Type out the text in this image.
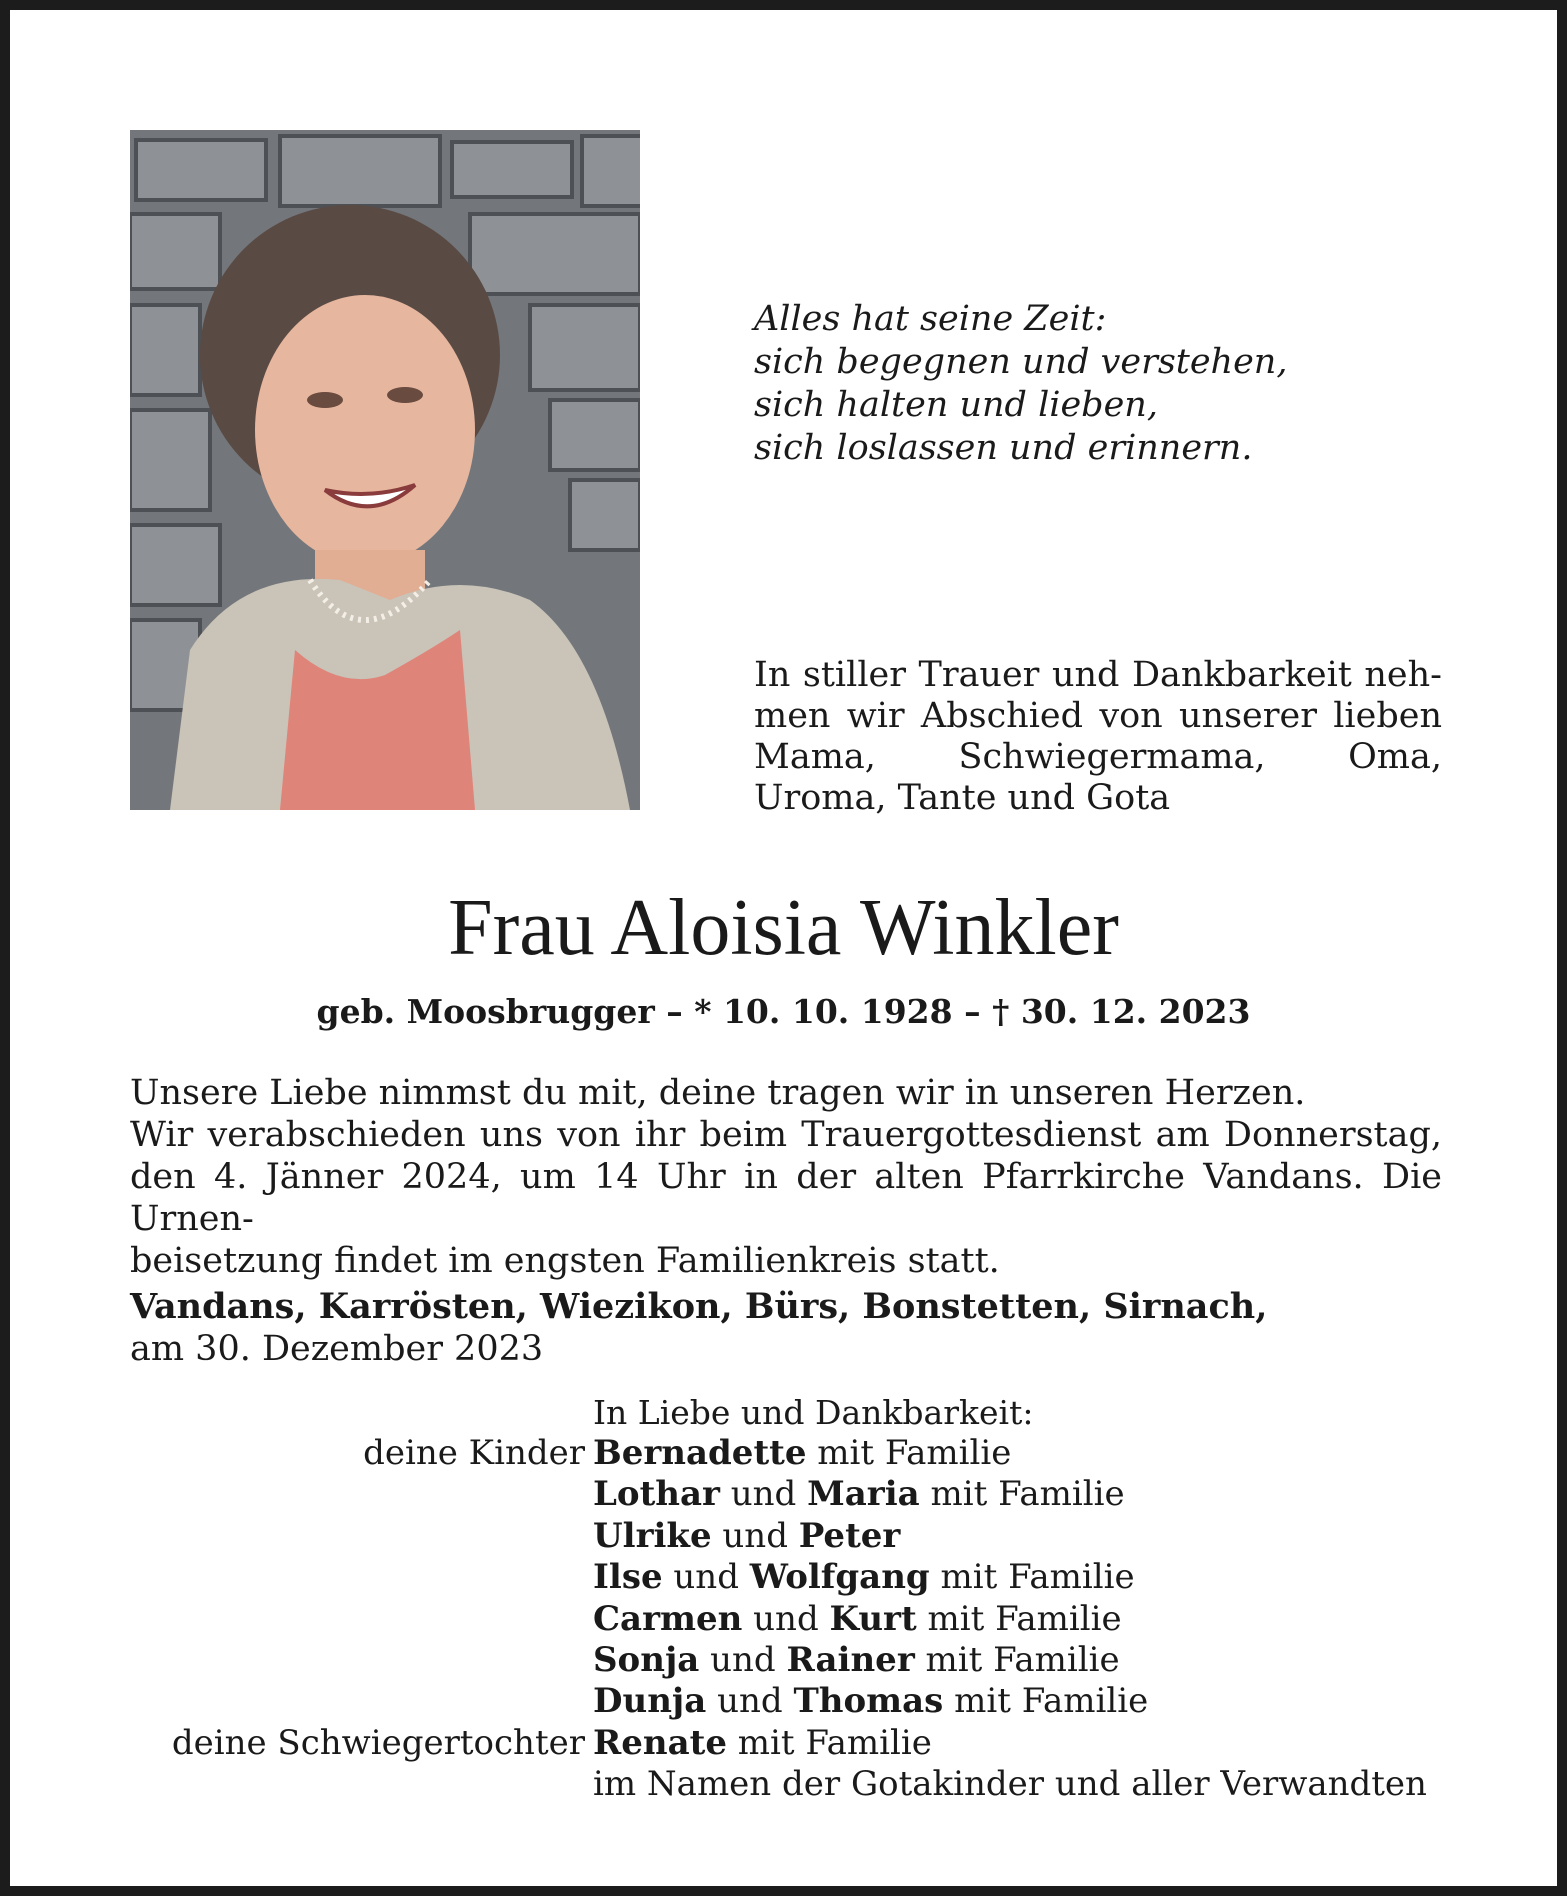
Alles hat seine Zeit:
sich begegnen und verstehen,
sich halten und lieben,
sich loslassen und erinnern.
In stiller Trauer und Dankbarkeit nehmen wir Abschied von unserer lieben Mama, Schwiegermama, Oma, Uroma, Tante und Gota
Frau Aloisia Winkler
geb. Moosbrugger – * 10. 10. 1928 – † 30. 12. 2023
Unsere Liebe nimmst du mit, deine tragen wir in unseren Herzen.
Wir verabschieden uns von ihr beim Trauergottesdienst am Donnerstag,
den 4. Jänner 2024, um 14 Uhr in der alten Pfarrkirche Vandans. Die Urnen-
beisetzung findet im engsten Familienkreis statt.
Vandans, Karrösten, Wiezikon, Bürs, Bonstetten, Sirnach,
am 30. Dezember 2023
In Liebe und Dankbarkeit:
deine Kinder Bernadette mit Familie
Lothar und Maria mit Familie
Ulrike und Peter
Ilse und Wolfgang mit Familie
Carmen und Kurt mit Familie
Sonja und Rainer mit Familie
Dunja und Thomas mit Familie
deine Schwiegertochter Renate mit Familie
im Namen der Gotakinder und aller Verwandten
